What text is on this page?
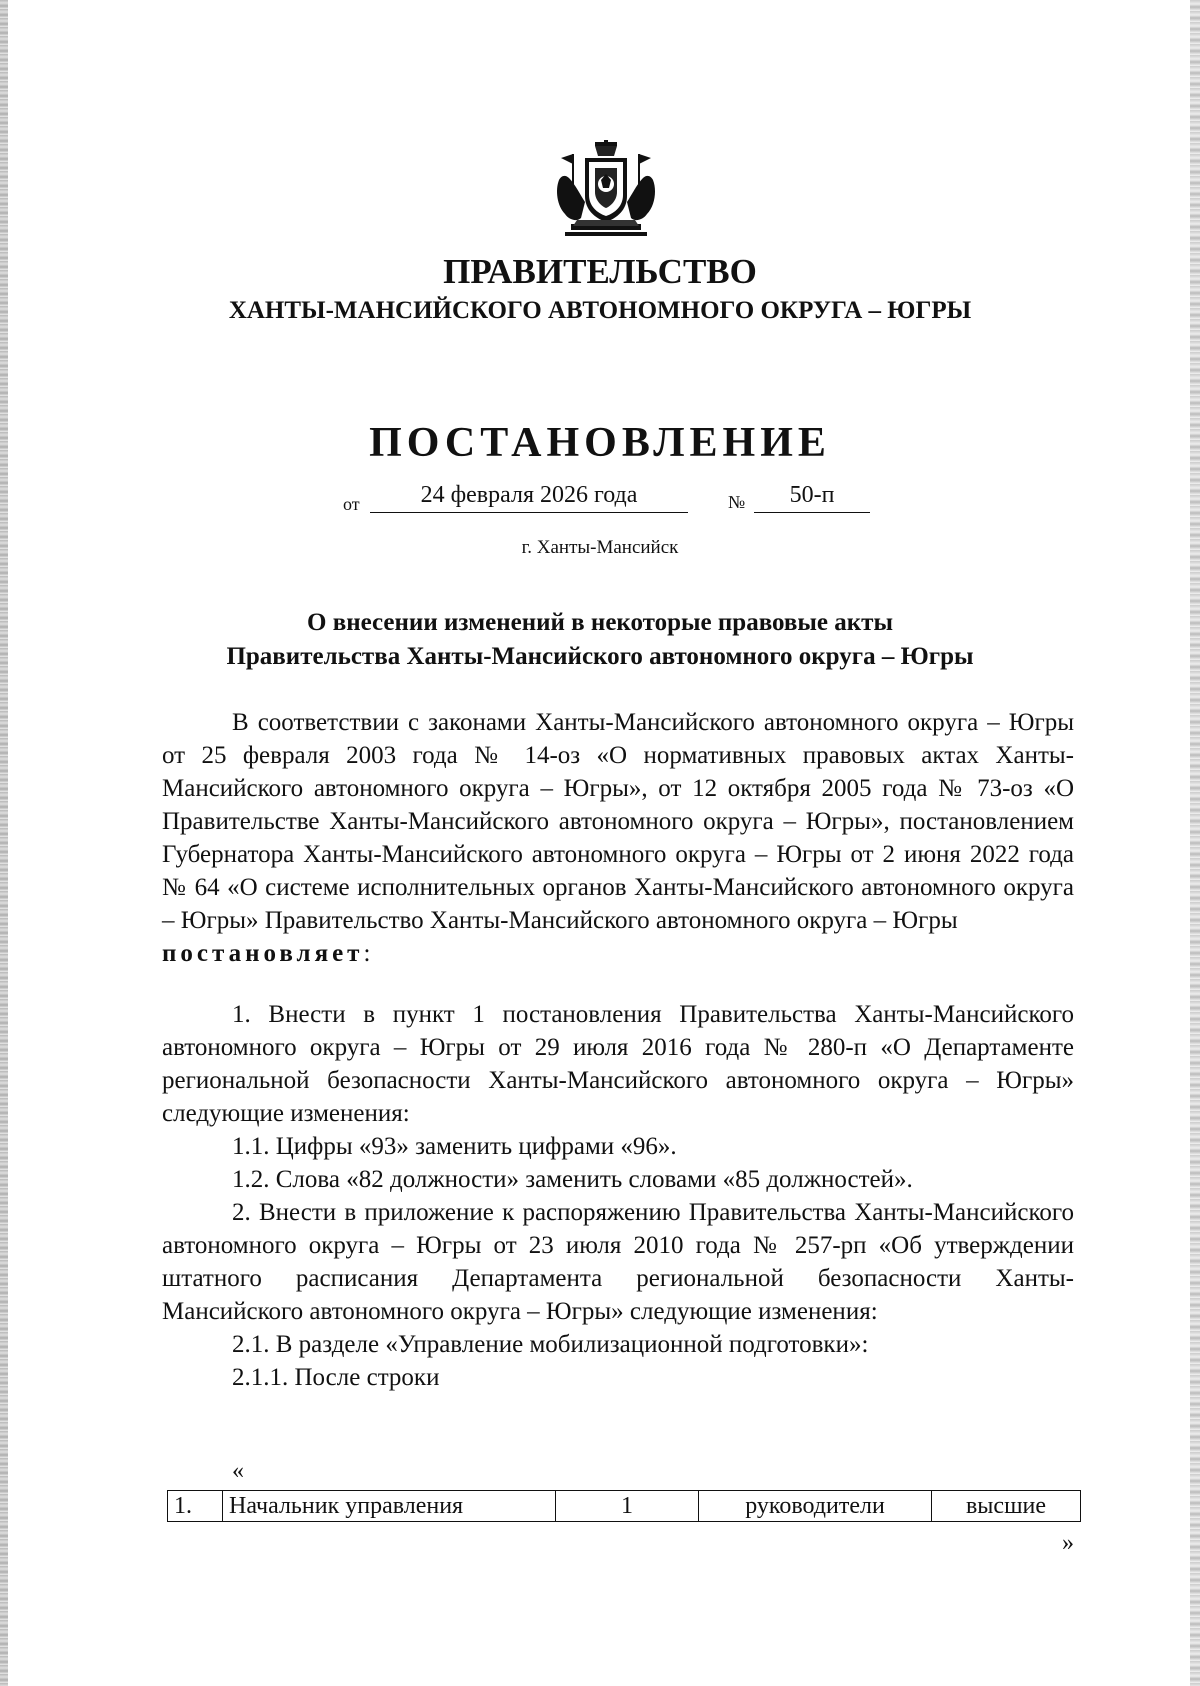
ПРАВИТЕЛЬСТВО
ХАНТЫ-МАНСИЙСКОГО АВТОНОМНОГО ОКРУГА – ЮГРЫ
ПОСТАНОВЛЕНИЕ
от	24 февраля 2026 года	№	50-п
г. Ханты-Мансийск
О внесении изменений в некоторые правовые акты
Правительства Ханты-Мансийского автономного округа – Югры
В соответствии с законами Ханты-Мансийского автономного округа – Югры от 25 февраля 2003 года № 14-оз «О нормативных правовых актах Ханты-Мансийского автономного округа – Югры», от 12 октября 2005 года № 73-оз «О Правительстве Ханты-Мансийского автономного округа – Югры», постановлением Губернатора Ханты-Мансийского автономного округа – Югры от 2 июня 2022 года № 64 «О системе исполнительных органов Ханты-Мансийского автономного округа – Югры» Правительство Ханты-Мансийского автономного округа – Югры
постановляет:
1. Внести в пункт 1 постановления Правительства Ханты-Мансийского автономного округа – Югры от 29 июля 2016 года № 280-п «О Департаменте региональной безопасности Ханты-Мансийского автономного округа – Югры» следующие изменения:
1.1. Цифры «93» заменить цифрами «96».
1.2. Слова «82 должности» заменить словами «85 должностей».
2. Внести в приложение к распоряжению Правительства Ханты-Мансийского автономного округа – Югры от 23 июля 2010 года № 257-рп «Об утверждении штатного расписания Департамента региональной безопасности Ханты-Мансийского автономного округа – Югры» следующие изменения:
2.1. В разделе «Управление мобилизационной подготовки»:
2.1.1. После строки
«
1.	Начальник управления	1	руководители	высшие
»
